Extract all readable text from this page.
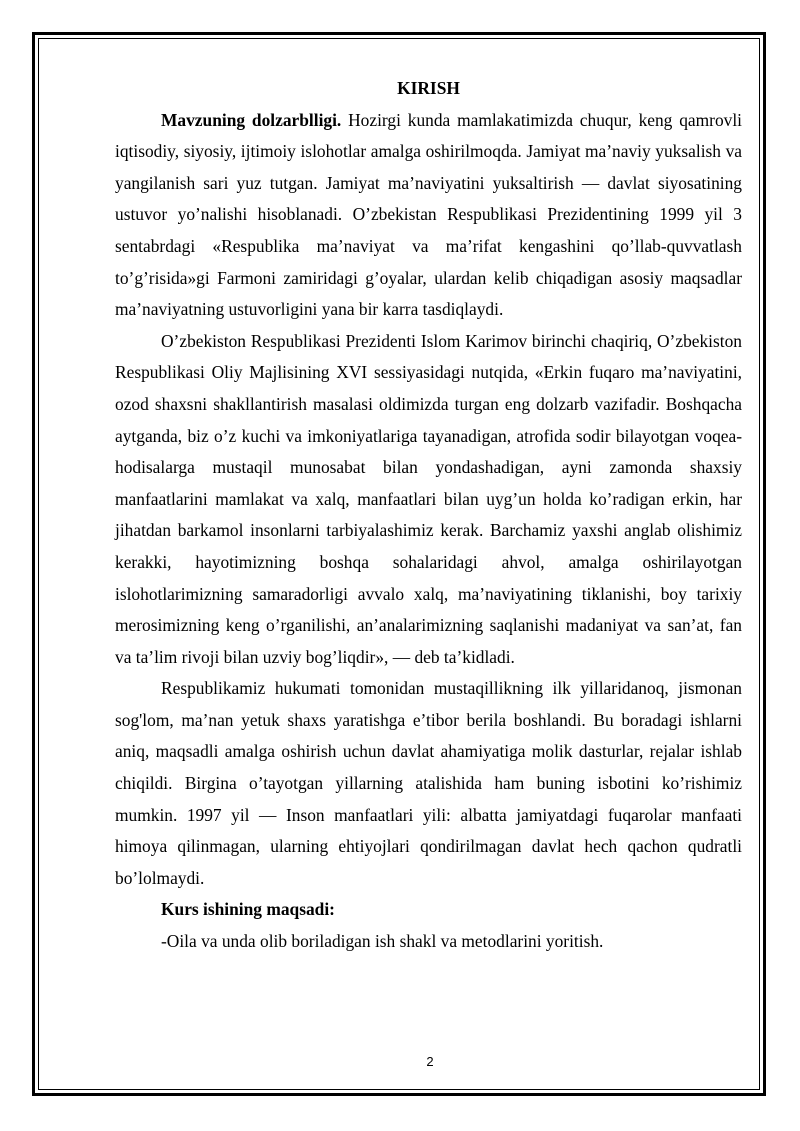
KIRISH

Mavzuning dolzarblligi. Hozirgi kunda mamlakatimizda chuqur, keng qamrovli iqtisodiy, siyosiy, ijtimoiy islohotlar amalga oshirilmoqda. Jamiyat ma’naviy yuksalish va yangilanish sari yuz tutgan. Jamiyat ma’naviyatini yuksaltirish — davlat siyosatining ustuvor yo’nalishi hisoblanadi. O’zbekistan Respublikasi Prezidentining 1999 yil 3 sentabrdagi «Respublika ma’naviyat va ma’rifat kengashini qo’llab-quvvatlash to’g’risida»gi Farmoni zamiridagi g’oyalar, ulardan kelib chiqadigan asosiy maqsadlar ma’naviyatning ustuvorligini yana bir karra tasdiqlaydi.

O’zbekiston Respublikasi Prezidenti Islom Karimov birinchi chaqiriq, O’zbekiston Respublikasi Oliy Majlisining XVI sessiyasidagi nutqida, «Erkin fuqaro ma’naviyatini, ozod shaxsni shakllantirish masalasi oldimizda turgan eng dolzarb vazifadir. Boshqacha aytganda, biz o’z kuchi va imkoniyatlariga tayanadigan, atrofida sodir bilayotgan voqea-hodisalarga mustaqil munosabat bilan yondashadigan, ayni zamonda shaxsiy manfaatlarini mamlakat va xalq, manfaatlari bilan uyg’un holda ko’radigan erkin, har jihatdan barkamol insonlarni tarbiyalashimiz kerak. Barchamiz yaxshi anglab olishimiz kerakki, hayotimizning boshqa sohalaridagi ahvol, amalga oshirilayotgan islohotlarimizning samaradorligi avvalo xalq, ma’naviyatining tiklanishi, boy tarixiy merosimizning keng o’rganilishi, an’analarimizning saqlanishi madaniyat va san’at, fan va ta’lim rivoji bilan uzviy bog’liqdir», — deb ta’kidladi.

Respublikamiz hukumati tomonidan mustaqillikning ilk yillaridanoq, jismonan sog'lom, ma’nan yetuk shaxs yaratishga e’tibor berila boshlandi. Bu boradagi ishlarni aniq, maqsadli amalga oshirish uchun davlat ahamiyatiga molik dasturlar, rejalar ishlab chiqildi. Birgina o’tayotgan yillarning atalishida ham buning isbotini ko’rishimiz mumkin. 1997 yil — Inson manfaatlari yili: albatta jamiyatdagi fuqarolar manfaati himoya qilinmagan, ularning ehtiyojlari qondirilmagan davlat hech qachon qudratli bo’lolmaydi.

Kurs ishining maqsadi:

-Oila va unda olib boriladigan ish shakl va metodlarini yoritish.

2
